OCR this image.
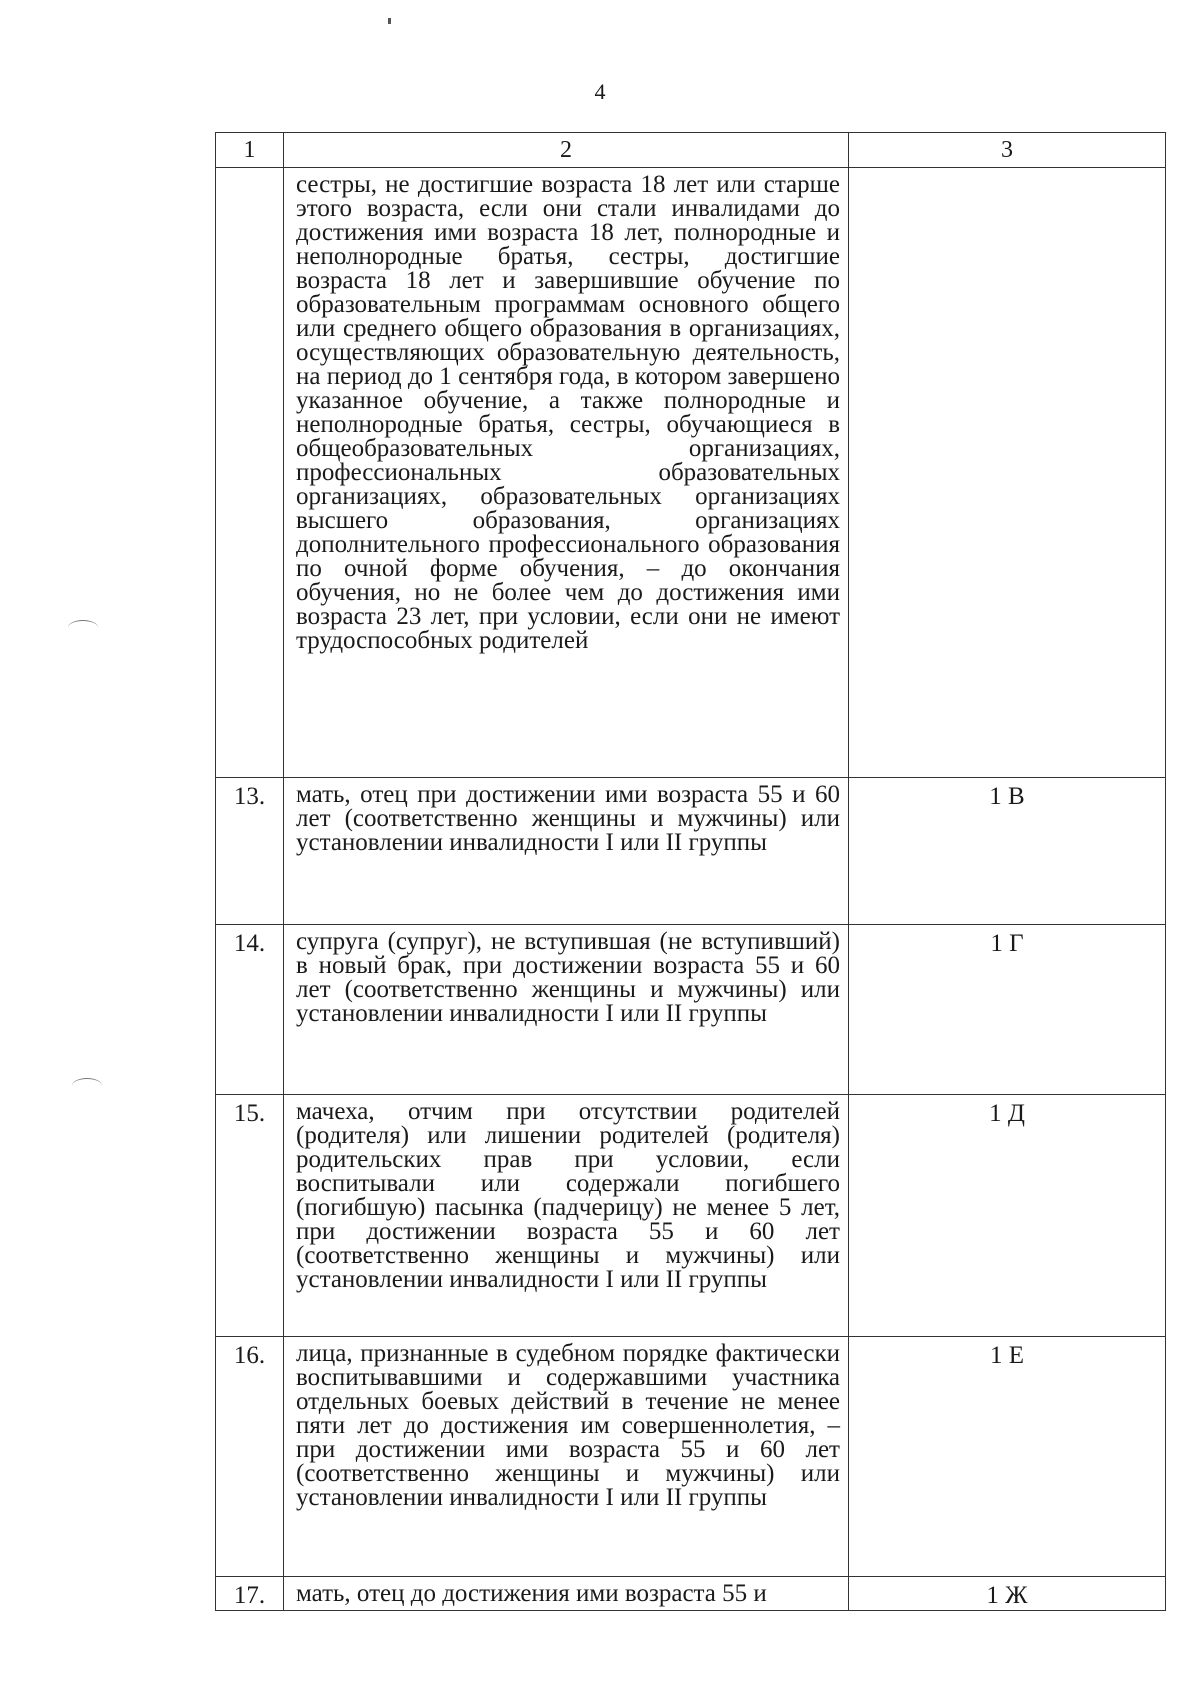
4
1	2	3
	сестры, не достигшие возраста 18 лет или старше этого возраста, если они стали инвалидами до достижения ими возраста 18 лет, полнородные и неполнородные братья, сестры, достигшие возраста 18 лет и завершившие обучение по образовательным программам основного общего или среднего общего образования в организациях, осуществляющих образовательную деятельность, на период до 1 сентября года, в котором завершено указанное обучение, а также полнородные и неполнородные братья, сестры, обучающиеся в общеобразовательных организациях, профессиональных образовательных организациях, образовательных организациях высшего образования, организациях дополнительного профессионального образования по очной форме обучения, – до окончания обучения, но не более чем до достижения ими возраста 23 лет, при условии, если они не имеют трудоспособных родителей	
13.	мать, отец при достижении ими возраста 55 и 60 лет (соответственно женщины и мужчины) или установлении инвалидности I или II группы	1 В
14.	супруга (супруг), не вступившая (не вступивший) в новый брак, при достижении возраста 55 и 60 лет (соответственно женщины и мужчины) или установлении инвалидности I или II группы	1 Г
15.	мачеха, отчим при отсутствии родителей (родителя) или лишении родителей (родителя) родительских прав при условии, если воспитывали или содержали погибшего (погибшую) пасынка (падчерицу) не менее 5 лет, при достижении возраста 55 и 60 лет (соответственно женщины и мужчины) или установлении инвалидности I или II группы	1 Д
16.	лица, признанные в судебном порядке фактически воспитывавшими и содержавшими участника отдельных боевых действий в течение не менее пяти лет до достижения им совершеннолетия, – при достижении ими возраста 55 и 60 лет (соответственно женщины и мужчины) или установлении инвалидности I или II группы	1 Е
17.	мать, отец до достижения ими возраста 55 и	1 Ж
